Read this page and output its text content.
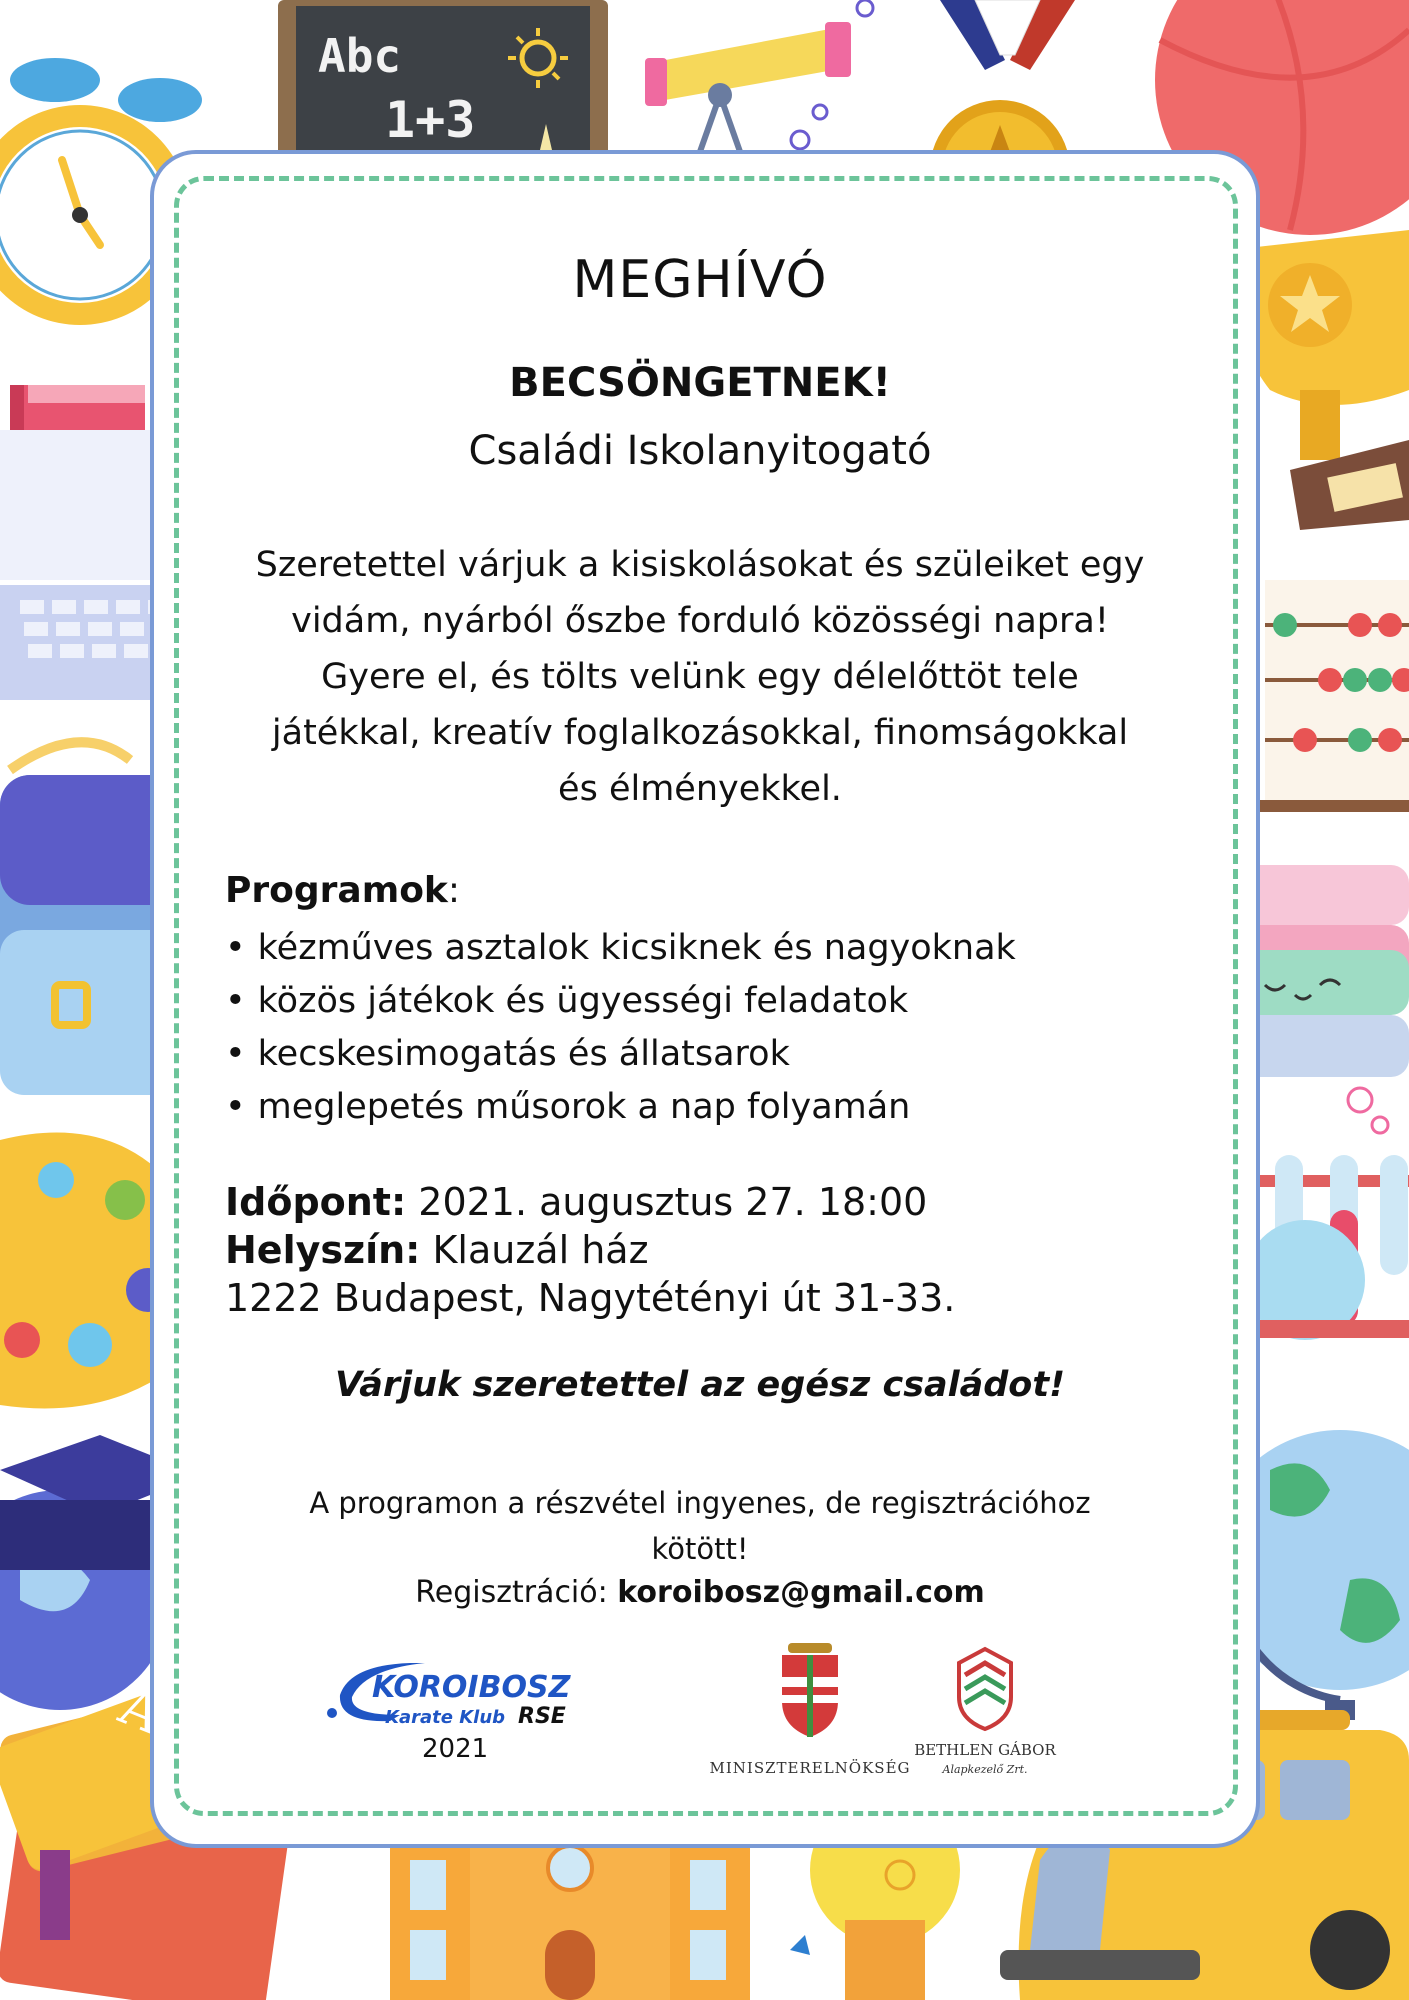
Abc
1+3
MEGHÍVÓ
BECSÖNGETNEK!
Családi Iskolanyitogató
Szeretettel várjuk a kisiskolásokat és szüleiket egy
vidám, nyárból őszbe forduló közösségi napra!
Gyere el, és tölts velünk egy délelőttöt tele
játékkal, kreatív foglalkozásokkal, finomságokkal
és élményekkel.
Programok:
• kézműves asztalok kicsiknek és nagyoknak
• közös játékok és ügyességi feladatok
• kecskesimogatás és állatsarok
• meglepetés műsorok a nap folyamán
Időpont: 2021. augusztus 27. 18:00
Helyszín: Klauzál ház
1222 Budapest, Nagytétényi út 31-33.
Várjuk szeretettel az egész családot!
A programon a részvétel ingyenes, de regisztrációhoz
kötött!
Regisztráció: koroibosz@gmail.com
KOROIBOSZ
Karate Klub RSE
2021
MINISZTERELNÖKSÉG
BETHLEN GÁBOR
Alapkezelő Zrt.
